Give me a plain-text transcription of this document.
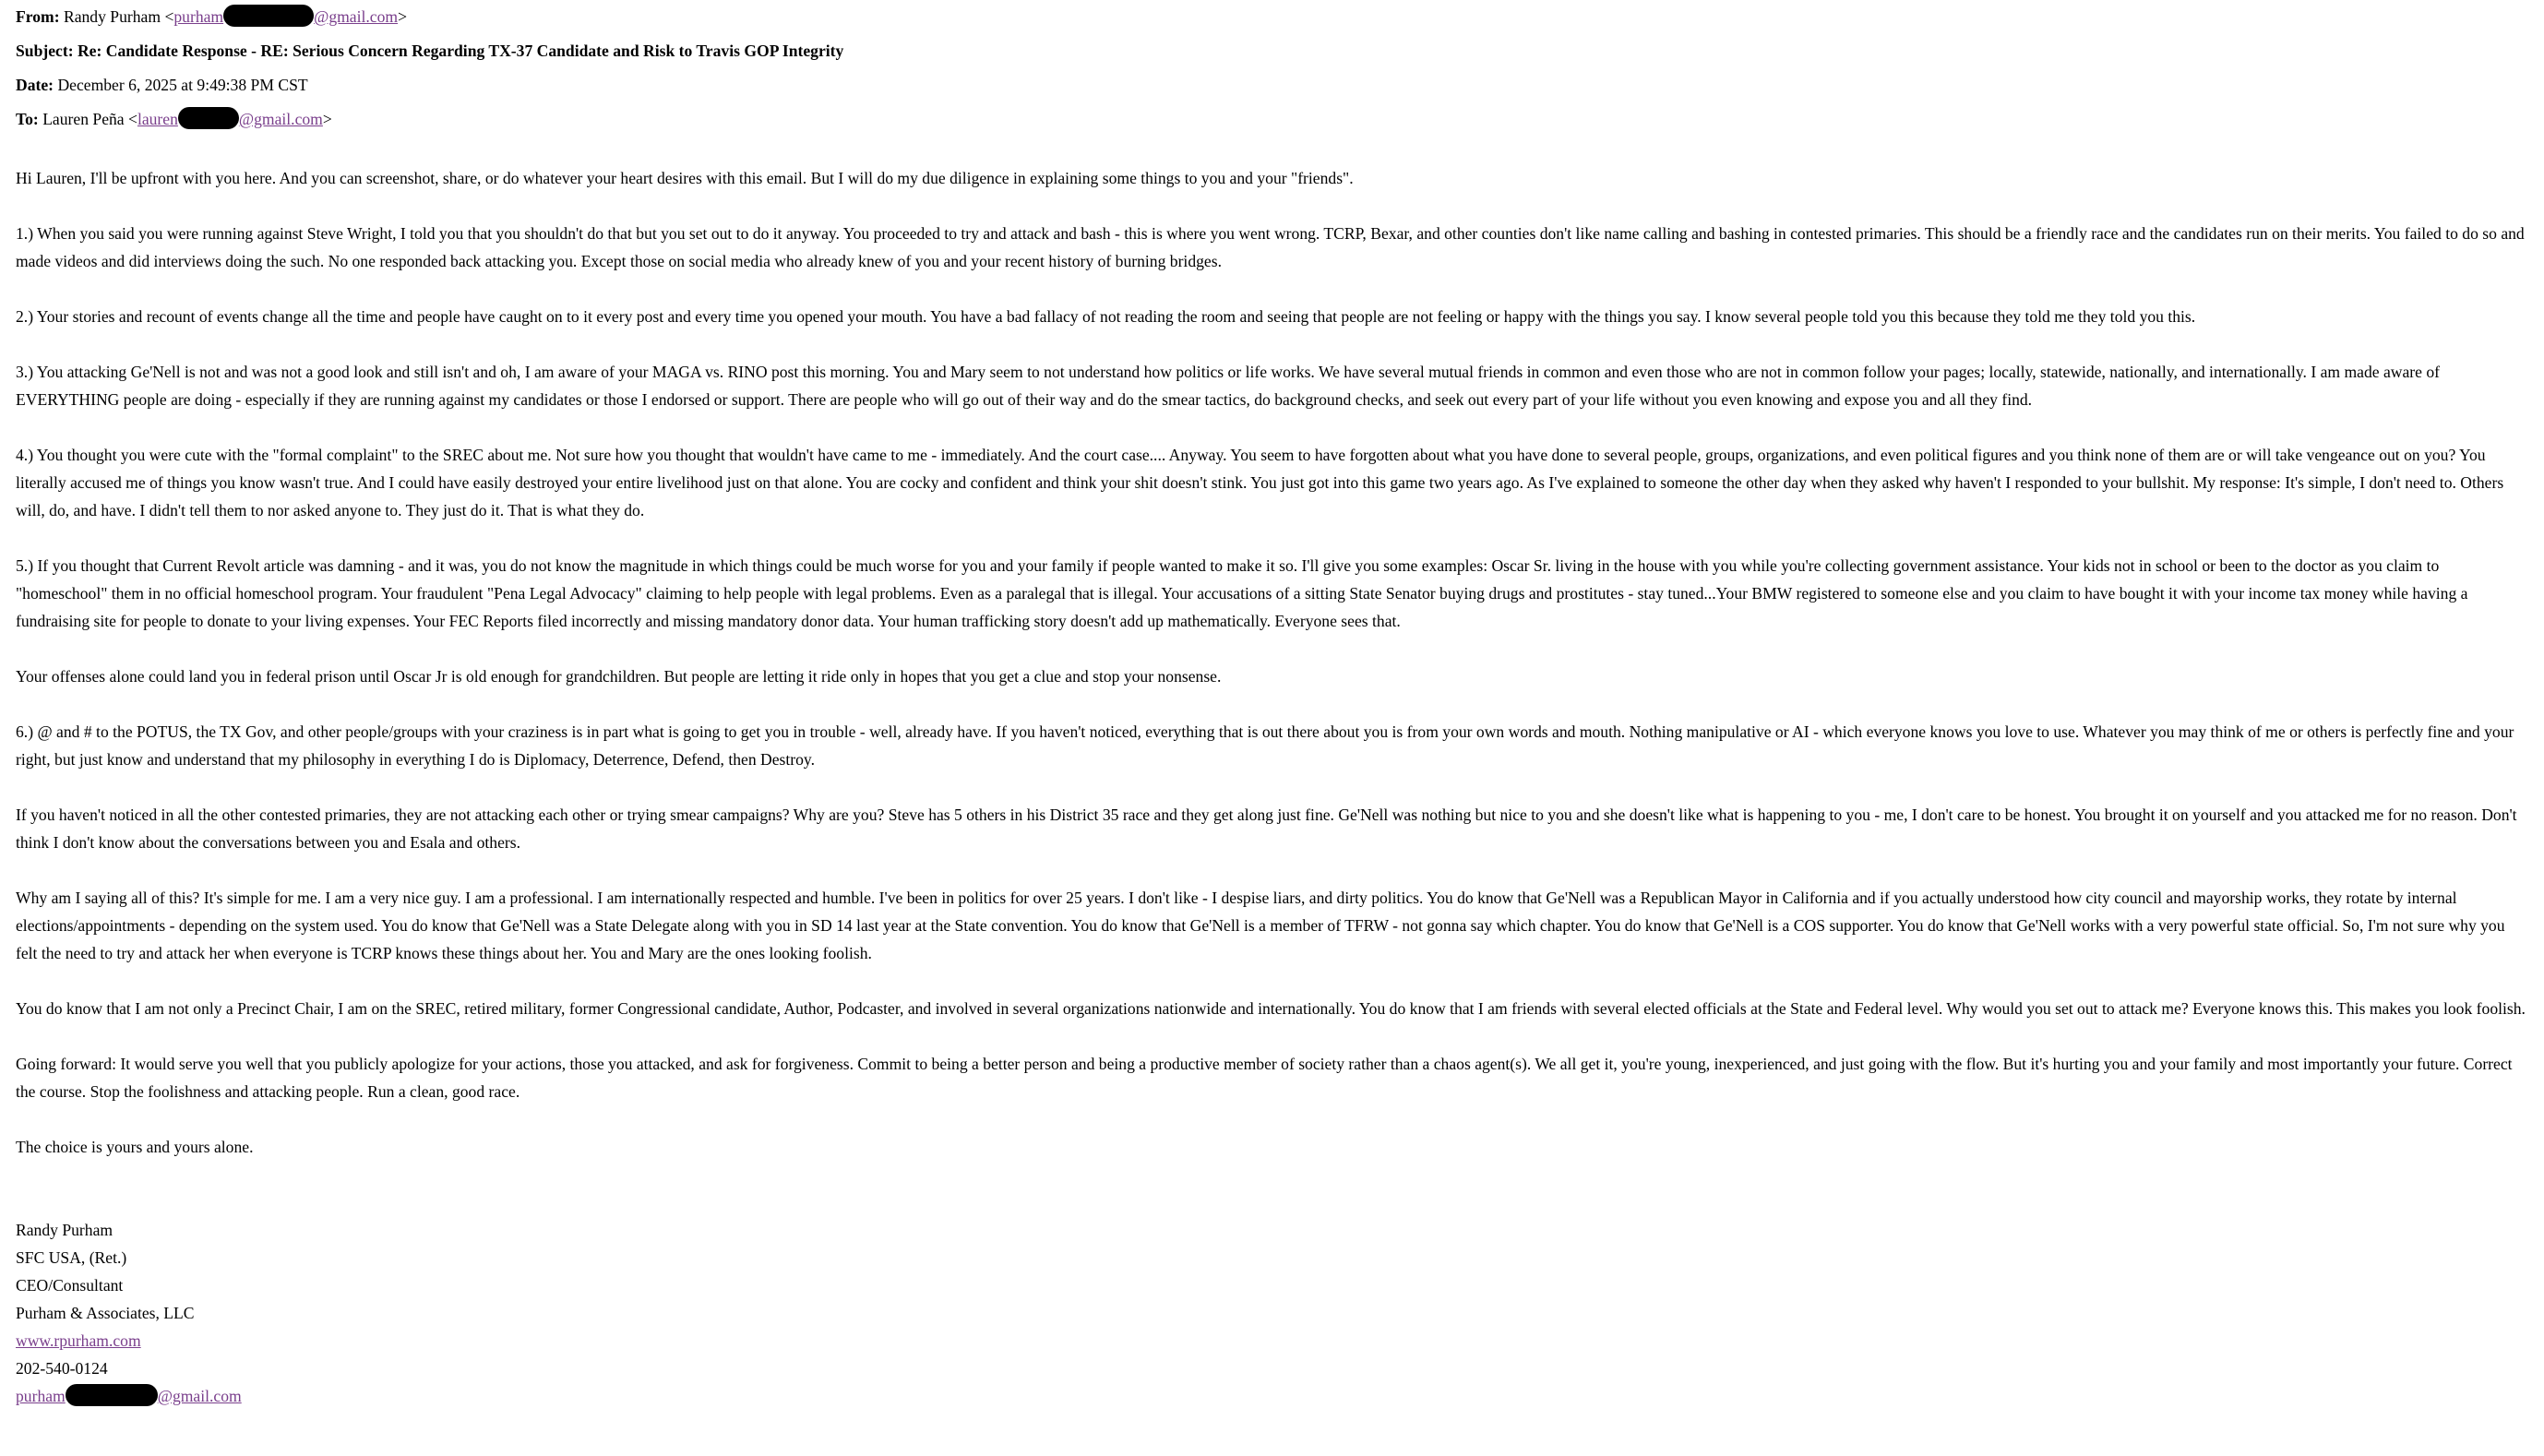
From: Randy Purham <purham	@gmail.com>
Subject: Re: Candidate Response - RE: Serious Concern Regarding TX-37 Candidate and Risk to Travis GOP Integrity
Date: December 6, 2025 at 9:49:38 PM CST
To: Lauren Peña <lauren	@gmail.com>

Hi Lauren, I'll be upfront with you here. And you can screenshot, share, or do whatever your heart desires with this email. But I will do my due diligence in explaining some things to you and your "friends".

1.) When you said you were running against Steve Wright, I told you that you shouldn't do that but you set out to do it anyway. You proceeded to try and attack and bash - this is where you went wrong. TCRP, Bexar, and other counties don't like name calling and bashing in contested primaries. This should be a friendly race and the candidates run on their merits. You failed to do so and made videos and did interviews doing the such. No one responded back attacking you. Except those on social media who already knew of you and your recent history of burning bridges.

2.) Your stories and recount of events change all the time and people have caught on to it every post and every time you opened your mouth. You have a bad fallacy of not reading the room and seeing that people are not feeling or happy with the things you say. I know several people told you this because they told me they told you this.

3.) You attacking Ge'Nell is not and was not a good look and still isn't and oh, I am aware of your MAGA vs. RINO post this morning. You and Mary seem to not understand how politics or life works. We have several mutual friends in common and even those who are not in common follow your pages; locally, statewide, nationally, and internationally. I am made aware of EVERYTHING people are doing - especially if they are running against my candidates or those I endorsed or support. There are people who will go out of their way and do the smear tactics, do background checks, and seek out every part of your life without you even knowing and expose you and all they find.

4.) You thought you were cute with the "formal complaint" to the SREC about me. Not sure how you thought that wouldn't have came to me - immediately. And the court case.... Anyway. You seem to have forgotten about what you have done to several people, groups, organizations, and even political figures and you think none of them are or will take vengeance out on you? You literally accused me of things you know wasn't true. And I could have easily destroyed your entire livelihood just on that alone. You are cocky and confident and think your shit doesn't stink. You just got into this game two years ago. As I've explained to someone the other day when they asked why haven't I responded to your bullshit. My response: It's simple, I don't need to. Others will, do, and have. I didn't tell them to nor asked anyone to. They just do it. That is what they do.

5.) If you thought that Current Revolt article was damning - and it was, you do not know the magnitude in which things could be much worse for you and your family if people wanted to make it so. I'll give you some examples: Oscar Sr. living in the house with you while you're collecting government assistance. Your kids not in school or been to the doctor as you claim to "homeschool" them in no official homeschool program. Your fraudulent "Pena Legal Advocacy" claiming to help people with legal problems. Even as a paralegal that is illegal. Your accusations of a sitting State Senator buying drugs and prostitutes - stay tuned...Your BMW registered to someone else and you claim to have bought it with your income tax money while having a fundraising site for people to donate to your living expenses. Your FEC Reports filed incorrectly and missing mandatory donor data. Your human trafficking story doesn't add up mathematically. Everyone sees that.

Your offenses alone could land you in federal prison until Oscar Jr is old enough for grandchildren. But people are letting it ride only in hopes that you get a clue and stop your nonsense.

6.) @ and # to the POTUS, the TX Gov, and other people/groups with your craziness is in part what is going to get you in trouble - well, already have. If you haven't noticed, everything that is out there about you is from your own words and mouth. Nothing manipulative or AI - which everyone knows you love to use. Whatever you may think of me or others is perfectly fine and your right, but just know and understand that my philosophy in everything I do is Diplomacy, Deterrence, Defend, then Destroy.

If you haven't noticed in all the other contested primaries, they are not attacking each other or trying smear campaigns? Why are you? Steve has 5 others in his District 35 race and they get along just fine. Ge'Nell was nothing but nice to you and she doesn't like what is happening to you - me, I don't care to be honest. You brought it on yourself and you attacked me for no reason. Don't think I don't know about the conversations between you and Esala and others.

Why am I saying all of this? It's simple for me. I am a very nice guy. I am a professional. I am internationally respected and humble. I've been in politics for over 25 years. I don't like - I despise liars, and dirty politics. You do know that Ge'Nell was a Republican Mayor in California and if you actually understood how city council and mayorship works, they rotate by internal elections/appointments - depending on the system used. You do know that Ge'Nell was a State Delegate along with you in SD 14 last year at the State convention. You do know that Ge'Nell is a member of TFRW - not gonna say which chapter. You do know that Ge'Nell is a COS supporter. You do know that Ge'Nell works with a very powerful state official. So, I'm not sure why you felt the need to try and attack her when everyone is TCRP knows these things about her. You and Mary are the ones looking foolish.

You do know that I am not only a Precinct Chair, I am on the SREC, retired military, former Congressional candidate, Author, Podcaster, and involved in several organizations nationwide and internationally. You do know that I am friends with several elected officials at the State and Federal level. Why would you set out to attack me? Everyone knows this. This makes you look foolish.

Going forward: It would serve you well that you publicly apologize for your actions, those you attacked, and ask for forgiveness. Commit to being a better person and being a productive member of society rather than a chaos agent(s). We all get it, you're young, inexperienced, and just going with the flow. But it's hurting you and your family and most importantly your future. Correct the course. Stop the foolishness and attacking people. Run a clean, good race.

The choice is yours and yours alone.

Randy Purham
SFC USA, (Ret.)
CEO/Consultant
Purham & Associates, LLC
www.rpurham.com
202-540-0124
purham	@gmail.com
